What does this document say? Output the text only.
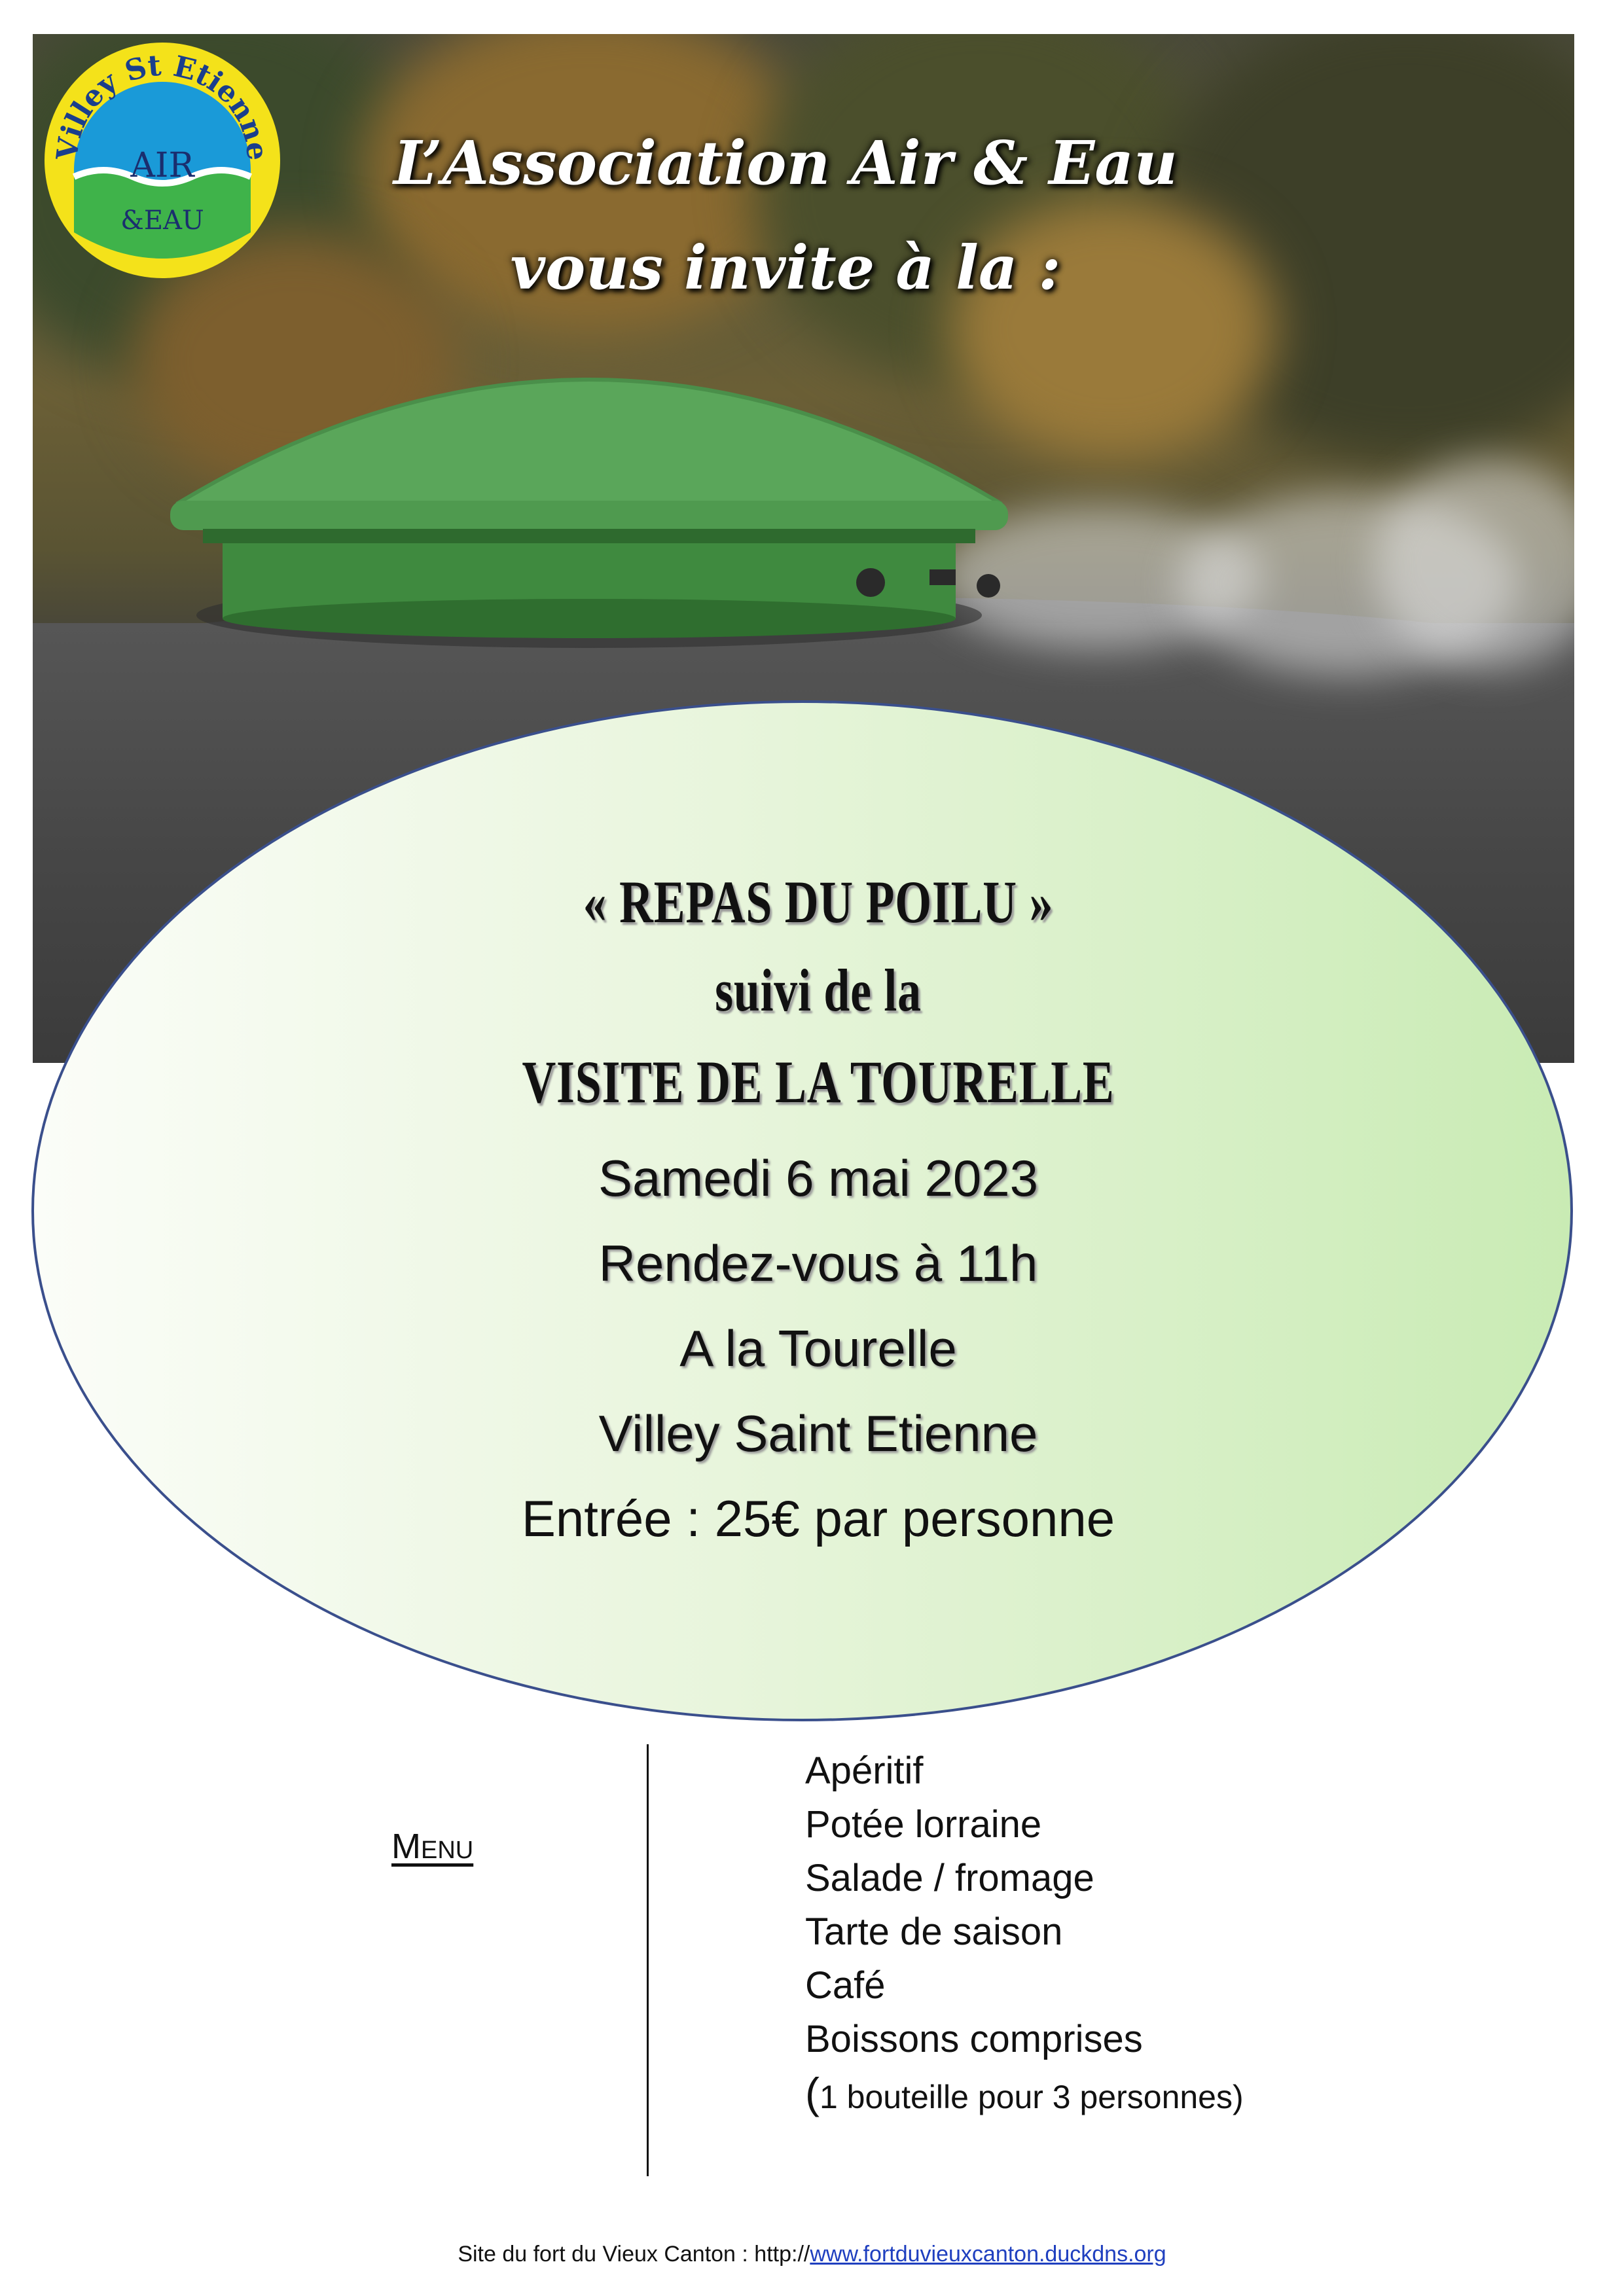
Villey St Etienne
AIR
&EAU
L’Association Air & Eau
vous invite à la :
« REPAS DU POILU »
suivi de la
VISITE DE LA TOURELLE
Samedi 6 mai 2023
Rendez-vous à 11h
A la Tourelle
Villey Saint Etienne
Entrée : 25€ par personne
Menu
Apéritif
Potée lorraine
Salade / fromage
Tarte de saison
Café
Boissons comprises
(1 bouteille pour 3 personnes)
Site du fort du Vieux Canton : http://www.fortduvieuxcanton.duckdns.org
